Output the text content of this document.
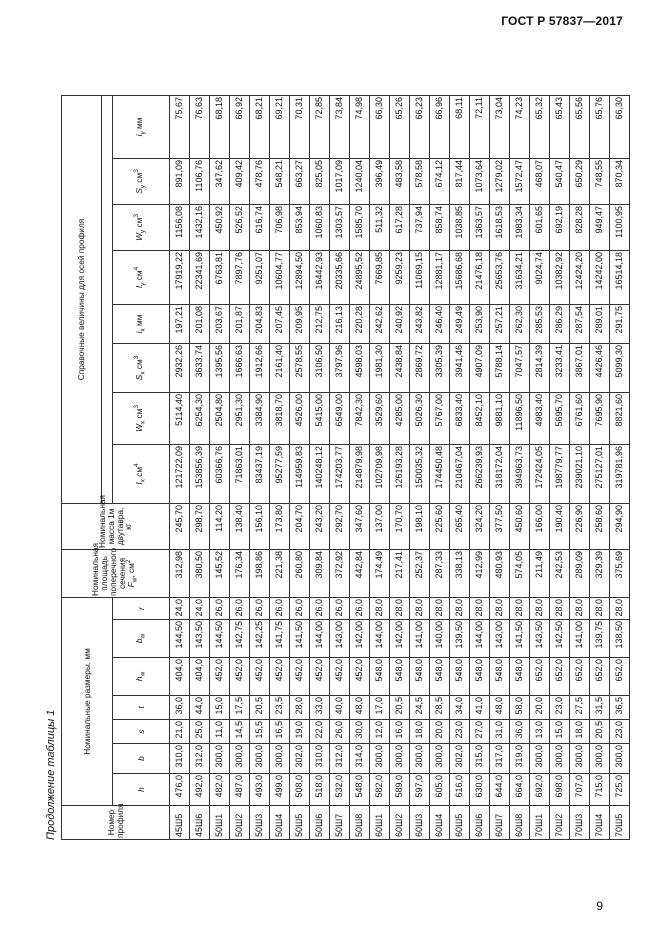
ГОСТ Р 57837—2017
Продолжение таблицы 1	Номер профиля	Номинальные размеры, мм							Номинальная площадь поперечного сечения $F_w$, $см^2$	Номинальная масса 1м двутавра, кг	Справочные величины для осей профиля							

	h	b	s	t	$h_w$	$b_w$	r			$I_x$ $см^4$	$W_x$ $см^3$	$S_x$ $см^3$	$i_x$ мм	$I_y$ $см^4$	$W_y$ $см^3$	$S_y$ $см^3$	$i_y$ мм
45Ш5	476,0	310,0	21,0	36,0	404,0	144,50	24,0	312,98	245,70	121722,09	5114,40	2932,26	197,21	17919,22	1156,08	891,09	75,67
45Ш6	492,0	312,0	25,0	44,0	404,0	143,50	24,0	380,50	298,70	153856,39	6254,30	3633,74	201,08	22341,69	1432,16	1106,76	76,63
50Ш1	482,0	300,0	11,0	15,0	452,0	144,50	26,0	145,52	114,20	60366,76	2504,80	1395,56	203,67	6763,81	450,92	347,62	68,18
50Ш2	487,0	300,0	14,5	17,5	452,0	142,75	26,0	176,34	138,40	71863,01	2951,30	1666,63	201,87	7897,76	526,52	409,42	66,92
50Ш3	493,0	300,0	15,5	20,5	452,0	142,25	26,0	198,86	156,10	83437,19	3384,90	1912,66	204,83	9251,07	616,74	478,76	68,21
50Ш4	499,0	300,0	16,5	23,5	452,0	141,75	26,0	221,38	173,80	95277,59	3818,70	2161,40	207,45	10604,77	706,98	548,21	69,21
50Ш5	508,0	302,0	19,0	28,0	452,0	141,50	26,0	260,80	204,70	114959,83	4526,00	2578,55	209,95	12894,50	853,94	663,27	70,31
50Ш6	518,0	310,0	22,0	33,0	452,0	144,00	26,0	309,84	243,20	140248,12	5415,00	3106,50	212,75	16442,93	1060,83	825,05	72,85
50Ш7	532,0	312,0	26,0	40,0	452,0	143,00	26,0	372,92	292,70	174203,77	6549,00	3797,96	216,13	20335,66	1303,57	1017,09	73,84
50Ш8	548,0	314,0	30,0	48,0	452,0	142,00	26,0	442,84	347,60	214879,98	7842,30	4598,03	220,28	24895,52	1585,70	1240,04	74,98
60Ш1	582,0	300,0	12,0	17,0	548,0	144,00	28,0	174,49	137,00	102709,98	3529,60	1981,30	242,62	7669,85	511,32	396,49	66,30
60Ш2	589,0	300,0	16,0	20,5	548,0	142,00	28,0	217,41	170,70	126193,28	4285,00	2438,84	240,92	9259,23	617,28	483,58	65,26
60Ш3	597,0	300,0	18,0	24,5	548,0	141,00	28,0	252,37	198,10	150035,32	5026,30	2869,72	243,82	11069,15	737,94	578,58	66,23
60Ш4	605,0	300,0	20,0	28,5	548,0	140,00	28,0	287,33	225,60	174450,48	5767,00	3305,39	246,40	12881,17	858,74	674,12	66,96
60Ш5	616,0	302,0	23,0	34,0	548,0	139,50	28,0	338,13	265,40	210467,04	6833,40	3941,46	249,49	15686,68	1038,85	817,44	68,11
60Ш6	630,0	315,0	27,0	41,0	548,0	144,00	28,0	412,99	324,20	266239,93	8452,10	4907,09	253,90	21476,18	1363,57	1073,64	72,11
60Ш7	644,0	317,0	31,0	48,0	548,0	143,00	28,0	480,93	377,50	318172,04	9881,10	5788,14	257,21	25653,76	1618,53	1279,02	73,04
60Ш8	664,0	319,0	36,0	58,0	548,0	141,50	28,0	574,05	450,60	394963,73	11896,50	7047,57	262,30	31634,21	1983,34	1572,47	74,23
70Ш1	692,0	300,0	13,0	20,0	652,0	143,50	28,0	211,49	166,00	172424,05	4983,40	2814,39	285,53	9024,74	601,65	468,07	65,32
70Ш2	698,0	300,0	15,0	23,0	652,0	142,50	28,0	242,53	190,40	198779,77	5695,70	3233,41	286,29	10382,92	692,19	540,47	65,43
70Ш3	707,0	300,0	18,0	27,5	652,0	141,00	28,0	289,09	226,90	239021,10	6761,60	3867,01	287,54	12424,20	828,28	650,29	65,56
70Ш4	715,0	300,0	20,5	31,5	652,0	139,75	28,0	329,39	258,60	275127,01	7695,90	4426,46	289,01	14242,00	949,47	748,55	65,76
70Ш5	725,0	300,0	23,0	36,5	652,0	138,50	28,0	375,69	294,90	319781,96	8821,60	5099,30	291,75	16514,18	1100,95	870,34	66,30
9
